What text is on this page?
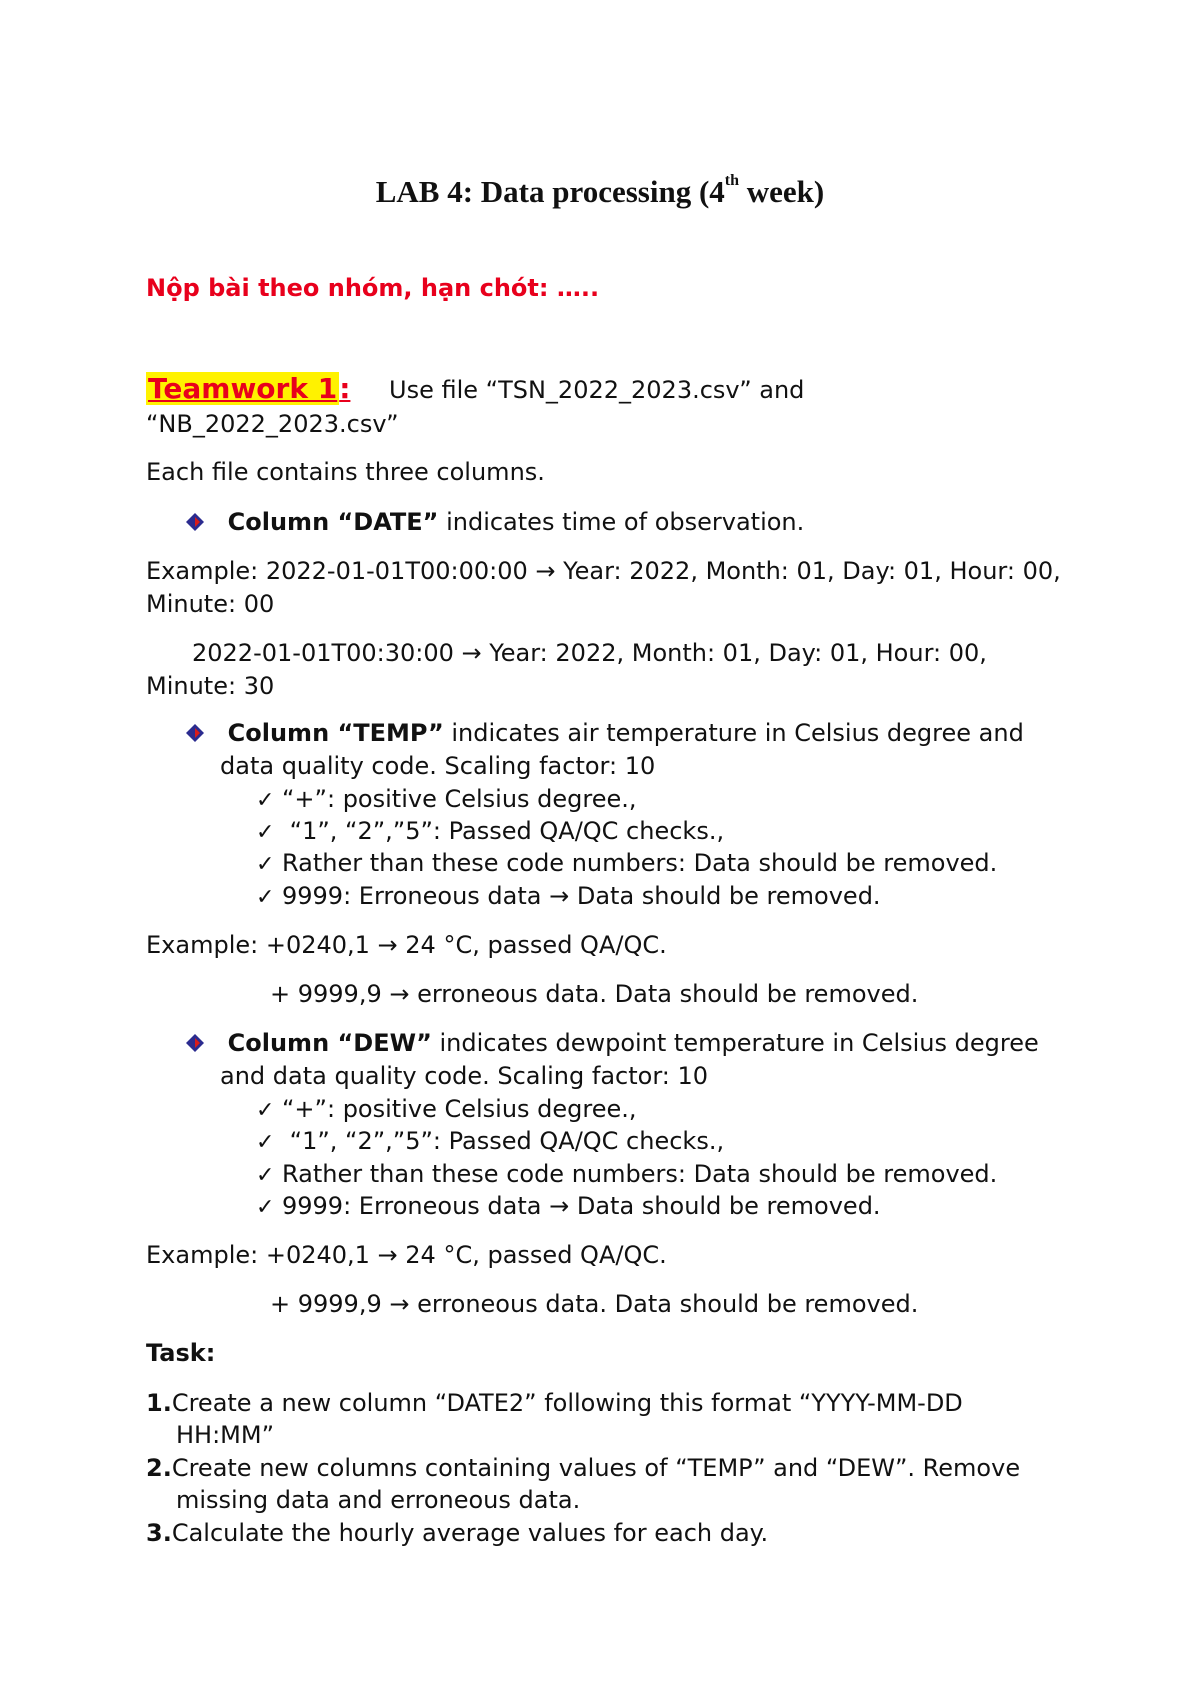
LAB 4: Data processing (4th week)
Nộp bài theo nhóm, hạn chót: …..
Teamwork 1: Use file “TSN_2022_2023.csv” and
“NB_2022_2023.csv”
Each file contains three columns.
Column “DATE” indicates time of observation.
Example: 2022-01-01T00:00:00 → Year: 2022, Month: 01, Day: 01, Hour: 00,
Minute: 00
2022-01-01T00:30:00 → Year: 2022, Month: 01, Day: 01, Hour: 00,
Minute: 30
Column “TEMP” indicates air temperature in Celsius degree and
data quality code. Scaling factor: 10
✓ “+”: positive Celsius degree.,
✓ “1”, “2”,”5”: Passed QA/QC checks.,
✓ Rather than these code numbers: Data should be removed.
✓ 9999: Erroneous data → Data should be removed.
Example: +0240,1 → 24 °C, passed QA/QC.
+ 9999,9 → erroneous data. Data should be removed.
Column “DEW” indicates dewpoint temperature in Celsius degree
and data quality code. Scaling factor: 10
✓ “+”: positive Celsius degree.,
✓ “1”, “2”,”5”: Passed QA/QC checks.,
✓ Rather than these code numbers: Data should be removed.
✓ 9999: Erroneous data → Data should be removed.
Example: +0240,1 → 24 °C, passed QA/QC.
+ 9999,9 → erroneous data. Data should be removed.
Task:
1.Create a new column “DATE2” following this format “YYYY-MM-DD
HH:MM”
2.Create new columns containing values of “TEMP” and “DEW”. Remove
missing data and erroneous data.
3.Calculate the hourly average values for each day.
